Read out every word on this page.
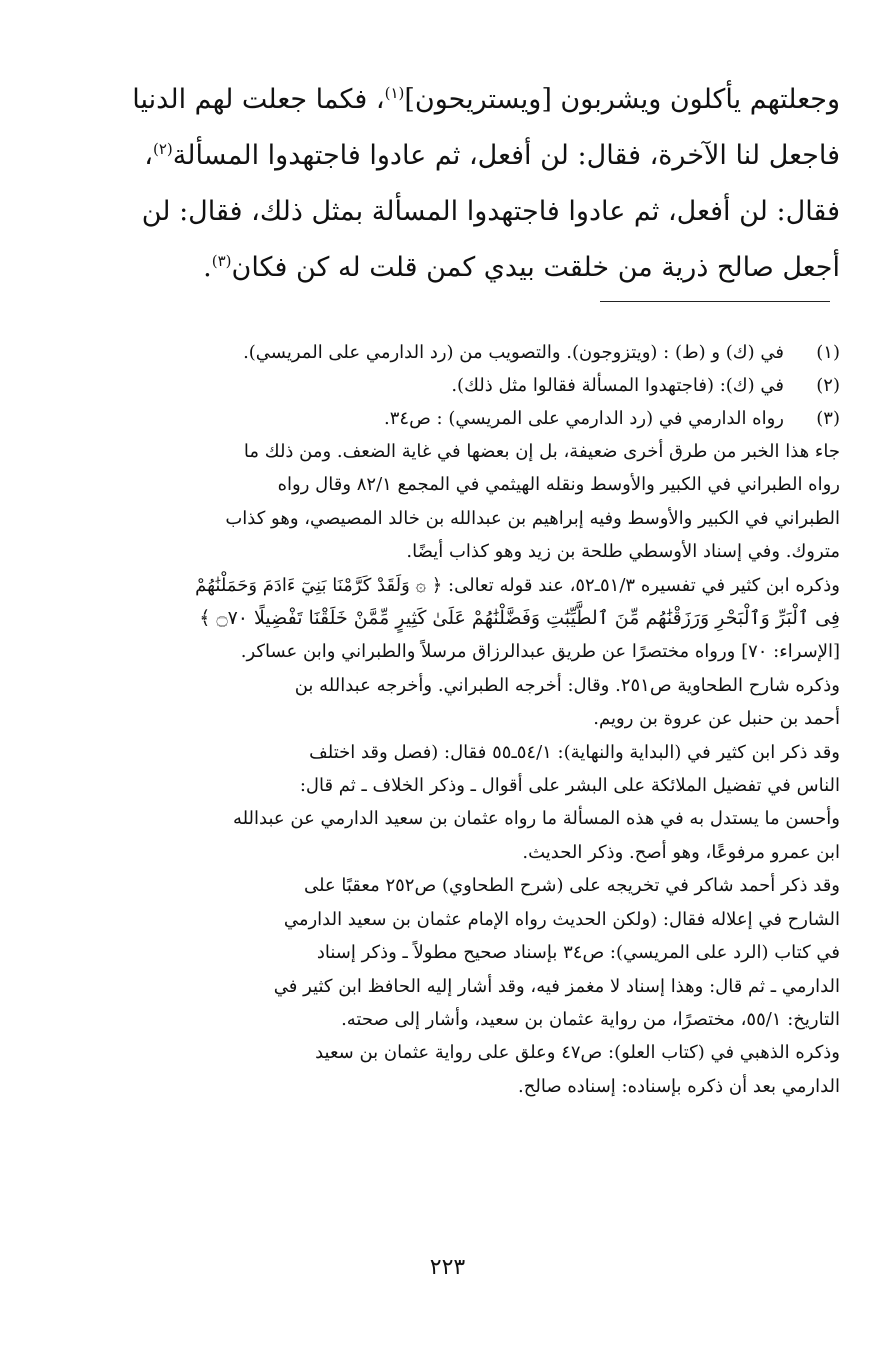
وجعلتهم يأكلون ويشربون [ويستريحون]$^{(١)}$، فكما جعلت لهم الدنيا
فاجعل لنا الآخرة، فقال: لن أفعل، ثم عادوا فاجتهدوا المسألة$^{(٢)}$،
فقال: لن أفعل، ثم عادوا فاجتهدوا المسألة بمثل ذلك، فقال: لن
أجعل صالح ذرية من خلقت بيدي كمن قلت له كن فكان$^{(٣)}$.
(١)
في (ك) و (ط) : (ويتزوجون). والتصويب من (رد الدارمي على المريسي).
(٢)
في (ك): (فاجتهدوا المسألة فقالوا مثل ذلك).
(٣)
رواه الدارمي في (رد الدارمي على المريسي) : ص٣٤.
جاء هذا الخبر من طرق أخرى ضعيفة، بل إن بعضها في غاية الضعف. ومن ذلك ما
رواه الطبراني في الكبير والأوسط ونقله الهيثمي في المجمع ٨٢/١ وقال رواه
الطبراني في الكبير والأوسط وفيه إبراهيم بن عبدالله بن خالد المصيصي، وهو كذاب
متروك. وفي إسناد الأوسطي طلحة بن زيد وهو كذاب أيضًا.
وذكره ابن كثير في تفسيره ٥١/٣ـ٥٢، عند قوله تعالى: ﴿ ۞ وَلَقَدْ كَرَّمْنَا بَنِيٓ ءَادَمَ وَحَمَلْنَٰهُمْ
فِى ٱلْبَرِّ وَٱلْبَحْرِ وَرَزَقْنَٰهُم مِّنَ ٱلطَّيِّبَٰتِ وَفَضَّلْنَٰهُمْ عَلَىٰ كَثِيرٍ مِّمَّنْ خَلَقْنَا تَفْضِيلًا ۝٧٠ ﴾
[الإسراء: ٧٠] ورواه مختصرًا عن طريق عبدالرزاق مرسلاً والطبراني وابن عساكر.
وذكره شارح الطحاوية ص٢٥١. وقال: أخرجه الطبراني. وأخرجه عبدالله بن
أحمد بن حنبل عن عروة بن رويم.
وقد ذكر ابن كثير في (البداية والنهاية): ٥٤/١ـ٥٥ فقال: (فصل وقد اختلف
الناس في تفضيل الملائكة على البشر على أقوال ـ وذكر الخلاف ـ ثم قال:
وأحسن ما يستدل به في هذه المسألة ما رواه عثمان بن سعيد الدارمي عن عبدالله
ابن عمرو مرفوعًا، وهو أصح. وذكر الحديث.
وقد ذكر أحمد شاكر في تخريجه على (شرح الطحاوي) ص٢٥٢ معقبًا على
الشارح في إعلاله فقال: (ولكن الحديث رواه الإمام عثمان بن سعيد الدارمي
في كتاب (الرد على المريسي): ص٣٤ بإسناد صحيح مطولاً ـ وذكر إسناد
الدارمي ـ ثم قال: وهذا إسناد لا مغمز فيه، وقد أشار إليه الحافظ ابن كثير في
التاريخ: ٥٥/١، مختصرًا، من رواية عثمان بن سعيد، وأشار إلى صحته.
وذكره الذهبي في (كتاب العلو): ص٤٧ وعلق على رواية عثمان بن سعيد
الدارمي بعد أن ذكره بإسناده: إسناده صالح.
٢٢٣
